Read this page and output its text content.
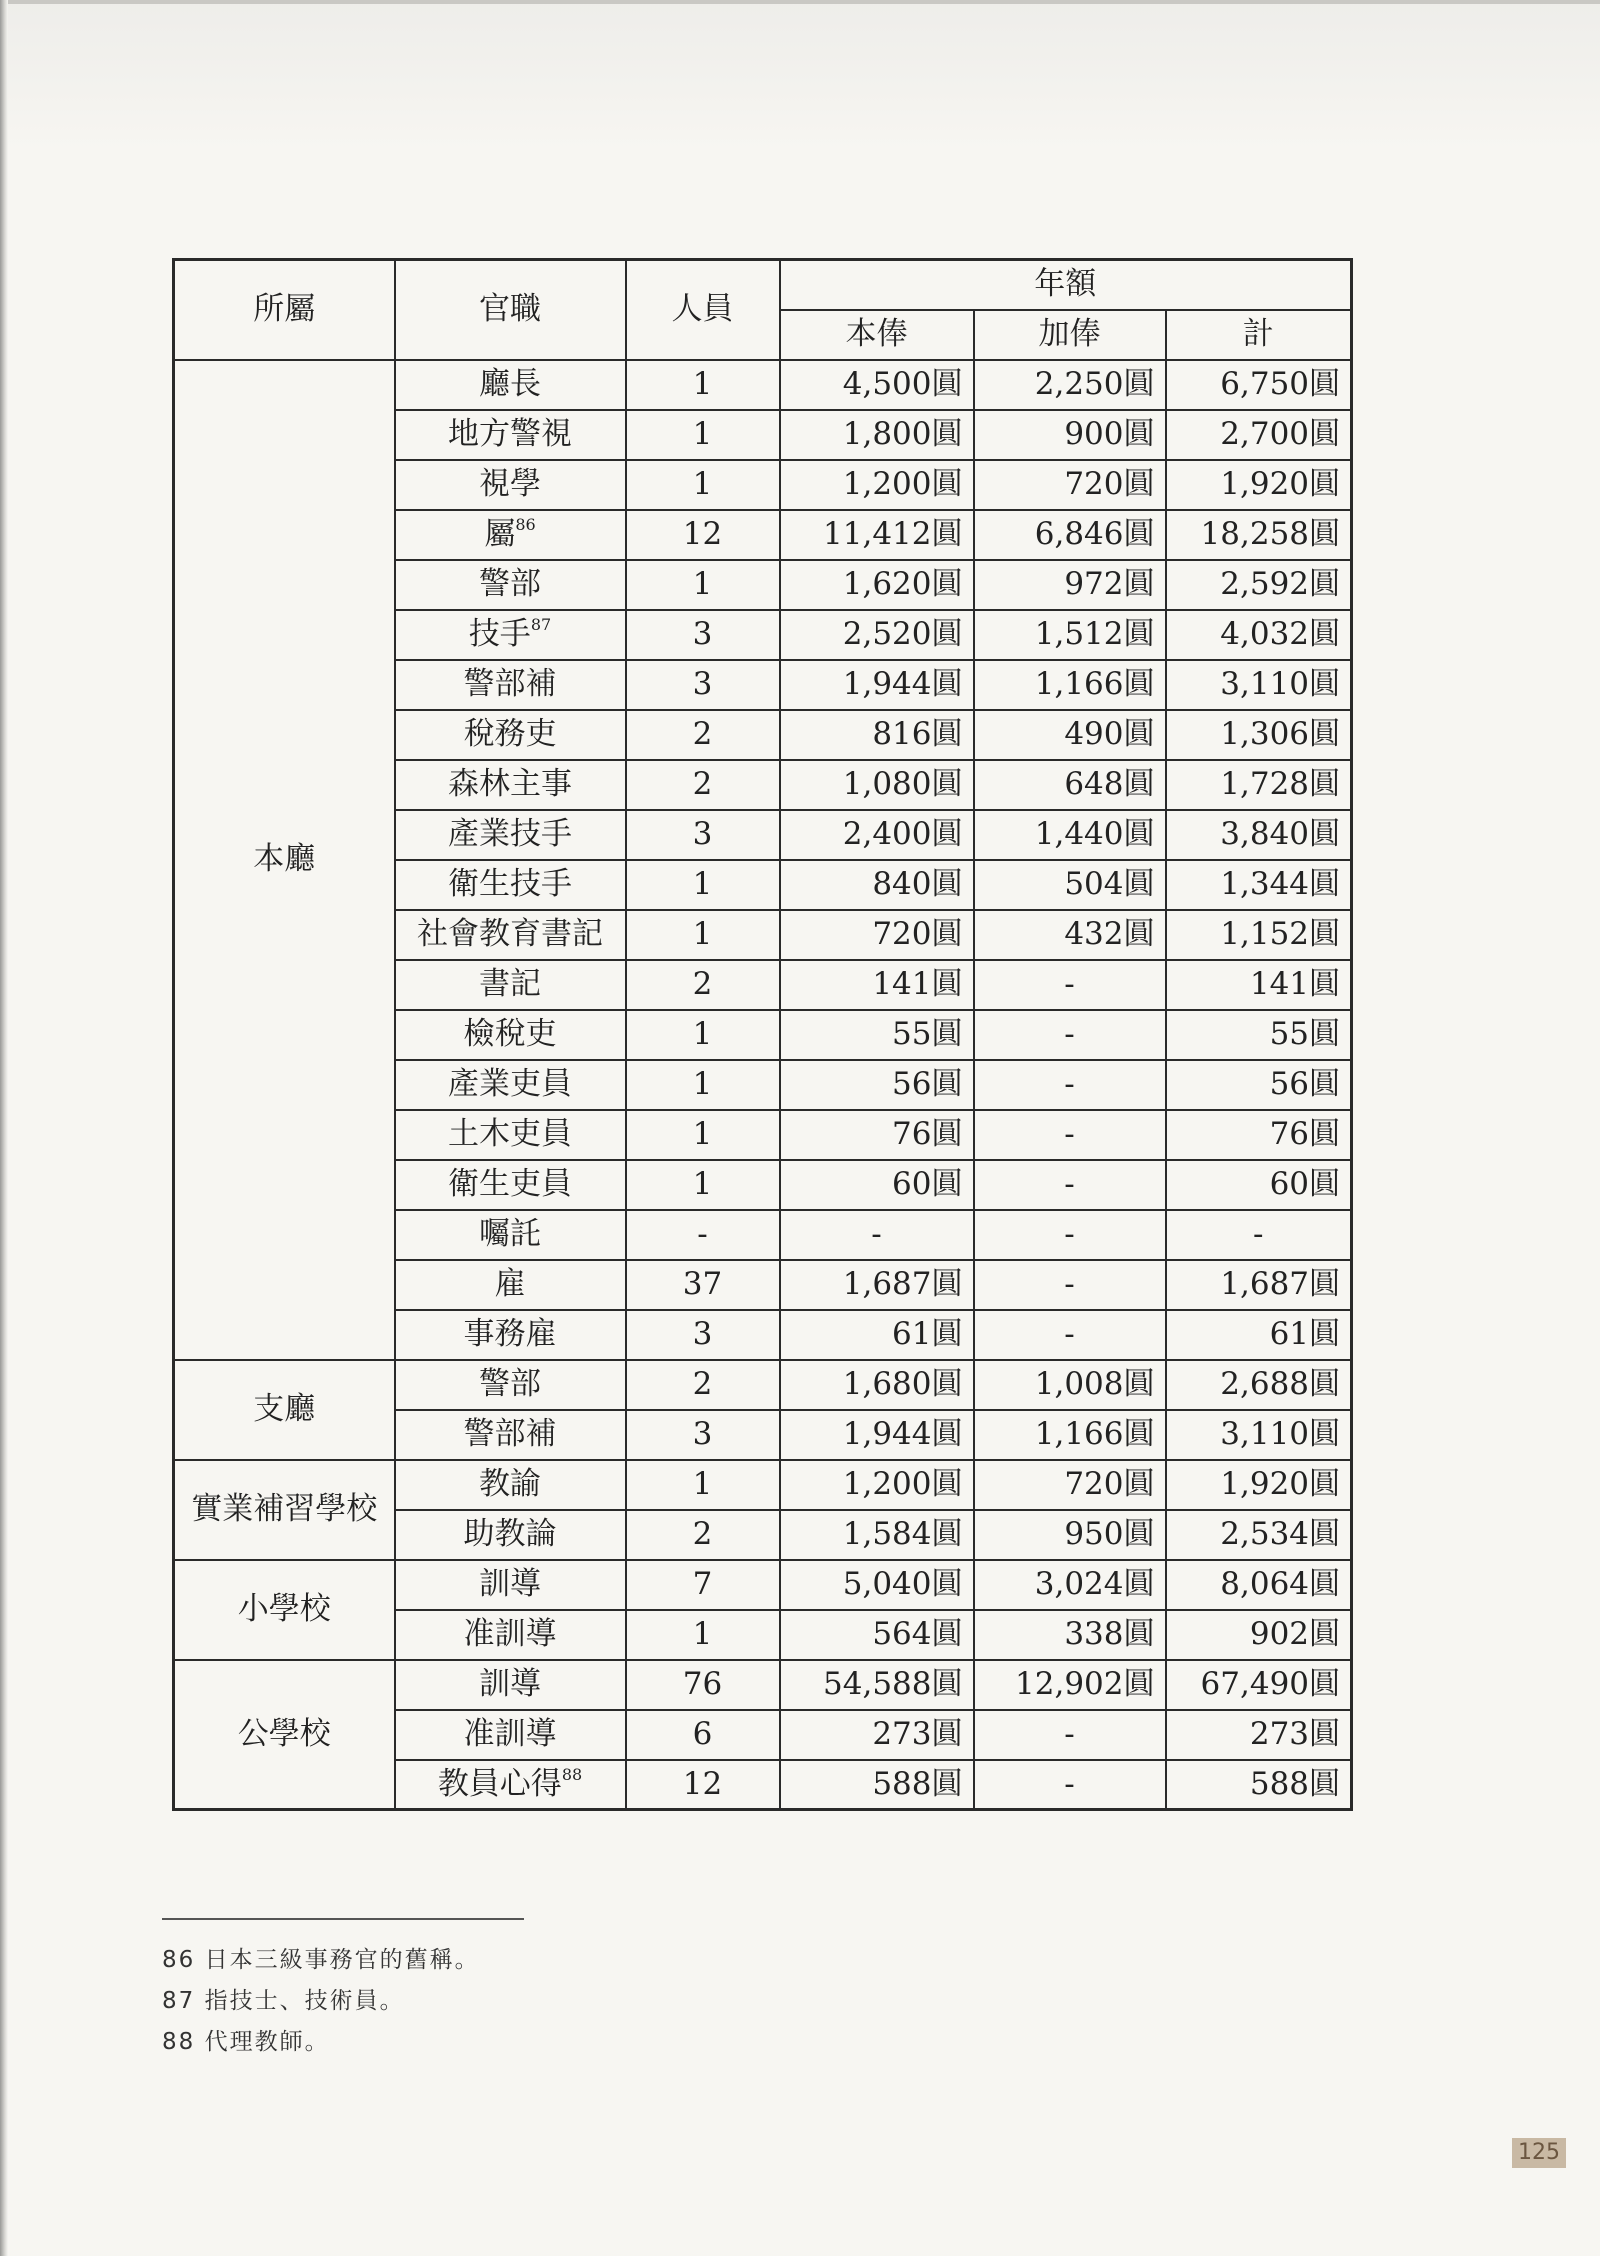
所屬	官職	人員	年額		
			本俸	加俸	計
本廳	廳長	1	4,500圓	2,250圓	6,750圓
	地方警視	1	1,800圓	900圓	2,700圓
	視學	1	1,200圓	720圓	1,920圓
	屬$^{86}$	12	11,412圓	6,846圓	18,258圓
	警部	1	1,620圓	972圓	2,592圓
	技手$^{87}$	3	2,520圓	1,512圓	4,032圓
	警部補	3	1,944圓	1,166圓	3,110圓
	稅務吏	2	816圓	490圓	1,306圓
	森林主事	2	1,080圓	648圓	1,728圓
	產業技手	3	2,400圓	1,440圓	3,840圓
	衛生技手	1	840圓	504圓	1,344圓
	社會教育書記	1	720圓	432圓	1,152圓
	書記	2	141圓	-	141圓
	檢稅吏	1	55圓	-	55圓
	產業吏員	1	56圓	-	56圓
	土木吏員	1	76圓	-	76圓
	衛生吏員	1	60圓	-	60圓
	囑託	-	-	-	-
	雇	37	1,687圓	-	1,687圓
	事務雇	3	61圓	-	61圓
支廳	警部	2	1,680圓	1,008圓	2,688圓
	警部補	3	1,944圓	1,166圓	3,110圓
實業補習學校	教諭	1	1,200圓	720圓	1,920圓
	助教論	2	1,584圓	950圓	2,534圓
小學校	訓導	7	5,040圓	3,024圓	8,064圓
	准訓導	1	564圓	338圓	902圓
公學校	訓導	76	54,588圓	12,902圓	67,490圓
	准訓導	6	273圓	-	273圓
	教員心得$^{88}$	12	588圓	-	588圓
86 日本三級事務官的舊稱。
87 指技士、技術員。
88 代理教師。
125
